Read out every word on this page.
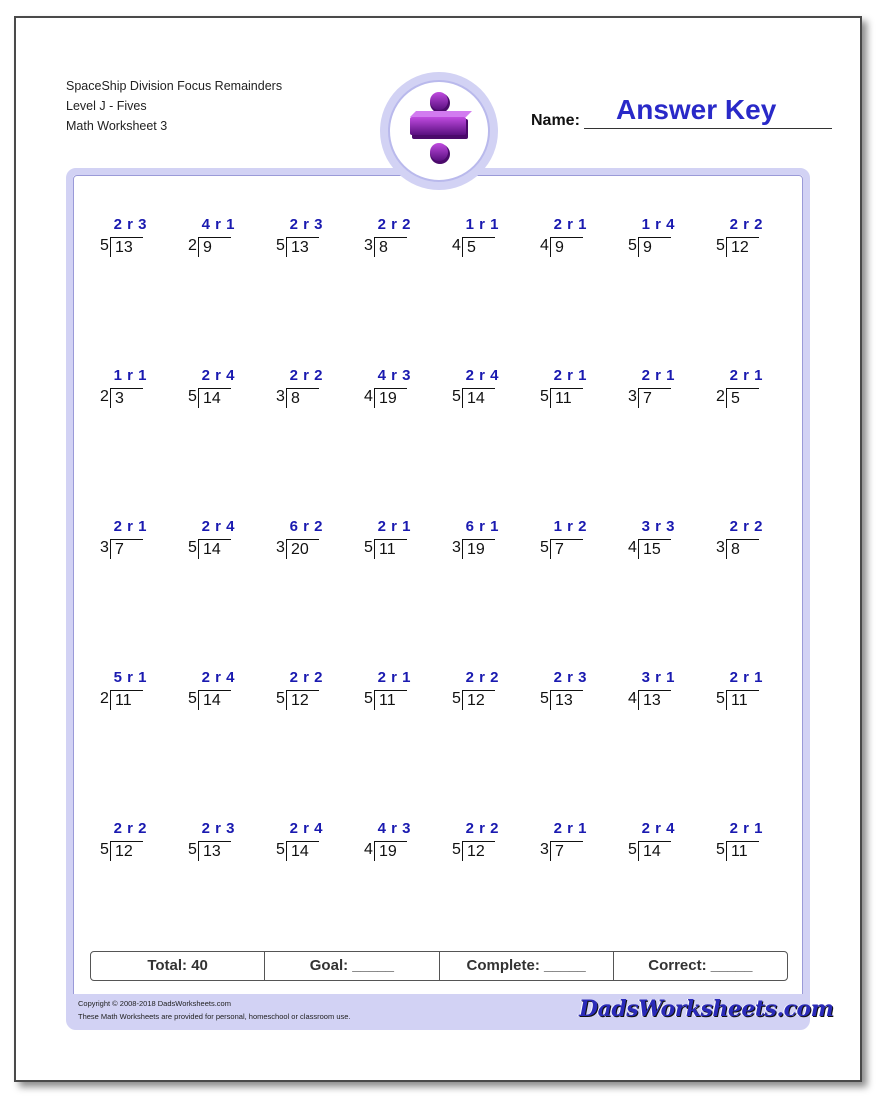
SpaceShip Division Focus Remainders
Level J - Fives
Math Worksheet 3	Name: Answer Key
2 r 3
5 13
4 r 1
2 9
2 r 3
5 13
2 r 2
3 8
1 r 1
4 5
2 r 1
4 9
1 r 4
5 9
2 r 2
5 12
1 r 1
2 3
2 r 4
5 14
2 r 2
3 8
4 r 3
4 19
2 r 4
5 14
2 r 1
5 11
2 r 1
3 7
2 r 1
2 5
2 r 1
3 7
2 r 4
5 14
6 r 2
3 20
2 r 1
5 11
6 r 1
3 19
1 r 2
5 7
3 r 3
4 15
2 r 2
3 8
5 r 1
2 11
2 r 4
5 14
2 r 2
5 12
2 r 1
5 11
2 r 2
5 12
2 r 3
5 13
3 r 1
4 13
2 r 1
5 11
2 r 2
5 12
2 r 3
5 13
2 r 4
5 14
4 r 3
4 19
2 r 2
5 12
2 r 1
3 7
2 r 4
5 14
2 r 1
5 11
Total: 40	Goal: _____	Complete: _____	Correct: _____
Copyright © 2008-2018 DadsWorksheets.com
These Math Worksheets are provided for personal, homeschool or classroom use.	DadsWorksheets.com
